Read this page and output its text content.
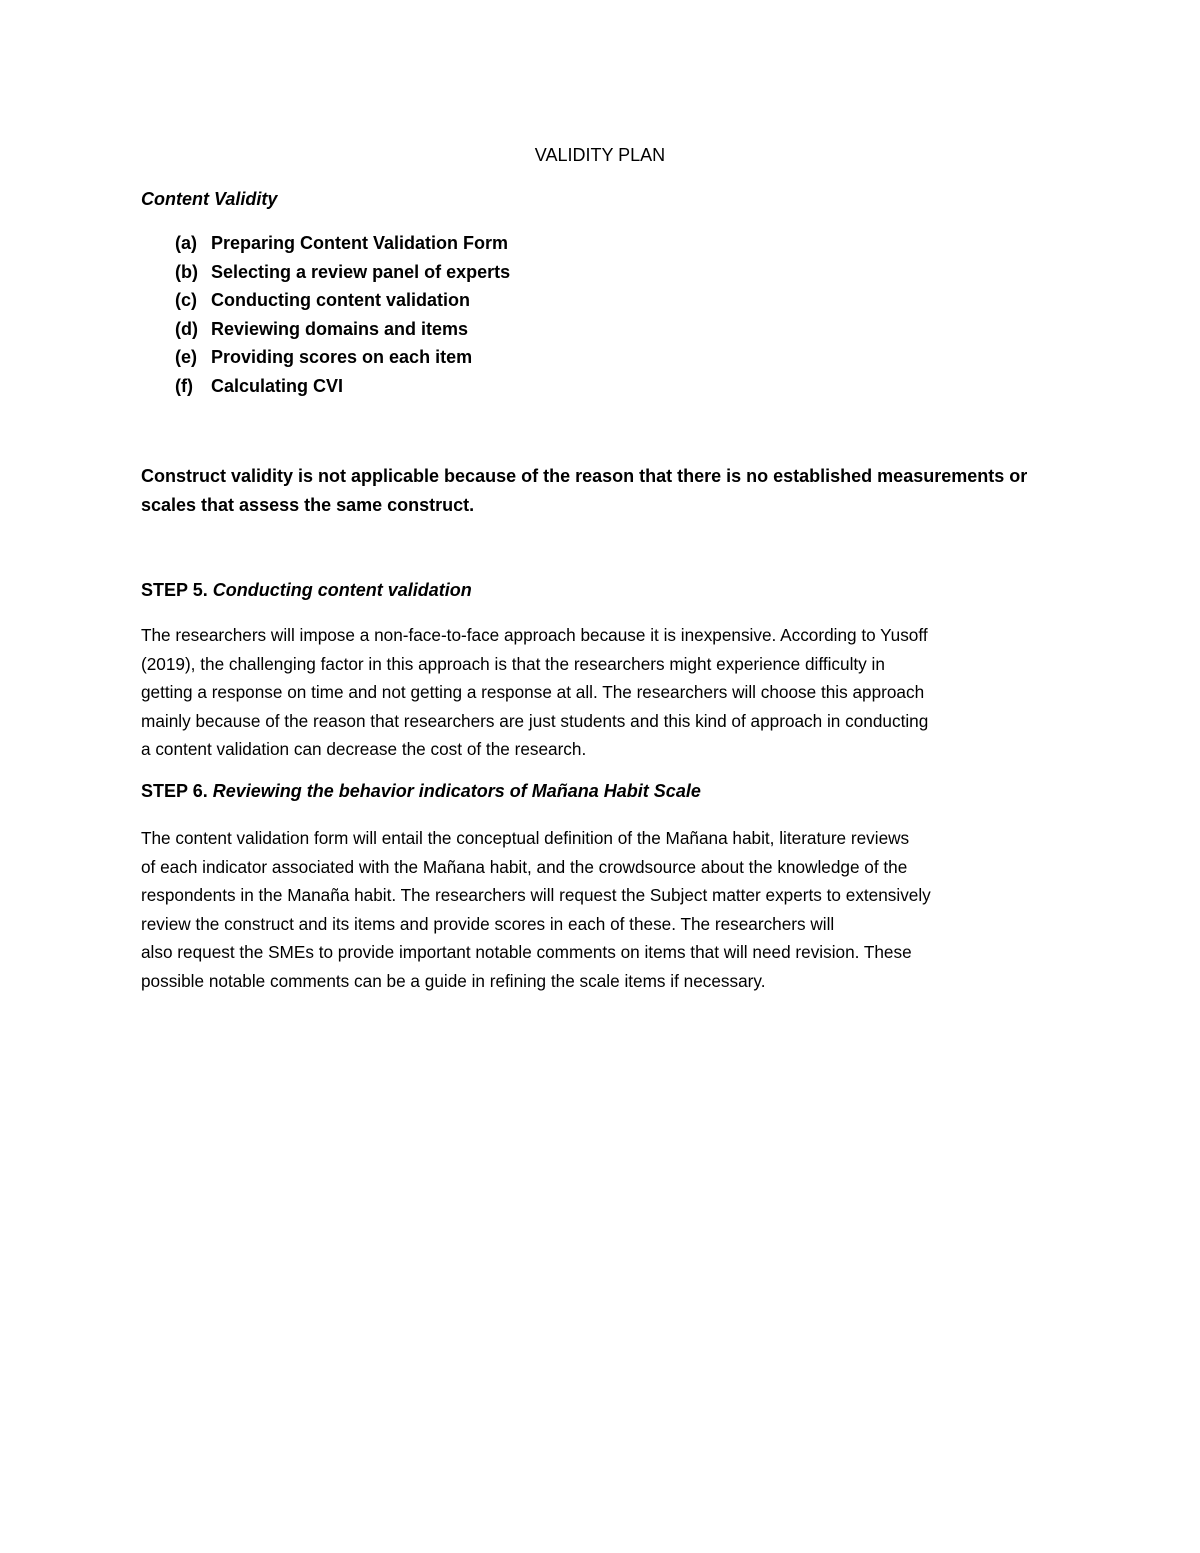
VALIDITY PLAN
Content Validity
(a) Preparing Content Validation Form
(b) Selecting a review panel of experts
(c) Conducting content validation
(d) Reviewing domains and items
(e) Providing scores on each item
(f) Calculating CVI

Construct validity is not applicable because of the reason that there is no established measurements or scales that assess the same construct.

STEP 5. Conducting content validation

The researchers will impose a non-face-to-face approach because it is inexpensive. According to Yusoff
(2019), the challenging factor in this approach is that the researchers might experience difficulty in
getting a response on time and not getting a response at all. The researchers will choose this approach
mainly because of the reason that researchers are just students and this kind of approach in conducting
a content validation can decrease the cost of the research.

STEP 6. Reviewing the behavior indicators of Mañana Habit Scale

The content validation form will entail the conceptual definition of the Mañana habit, literature reviews
of each indicator associated with the Mañana habit, and the crowdsource about the knowledge of the
respondents in the Manaña habit. The researchers will request the Subject matter experts to extensively
review the construct and its items and provide scores in each of these. The researchers will
also request the SMEs to provide important notable comments on items that will need revision. These
possible notable comments can be a guide in refining the scale items if necessary.
